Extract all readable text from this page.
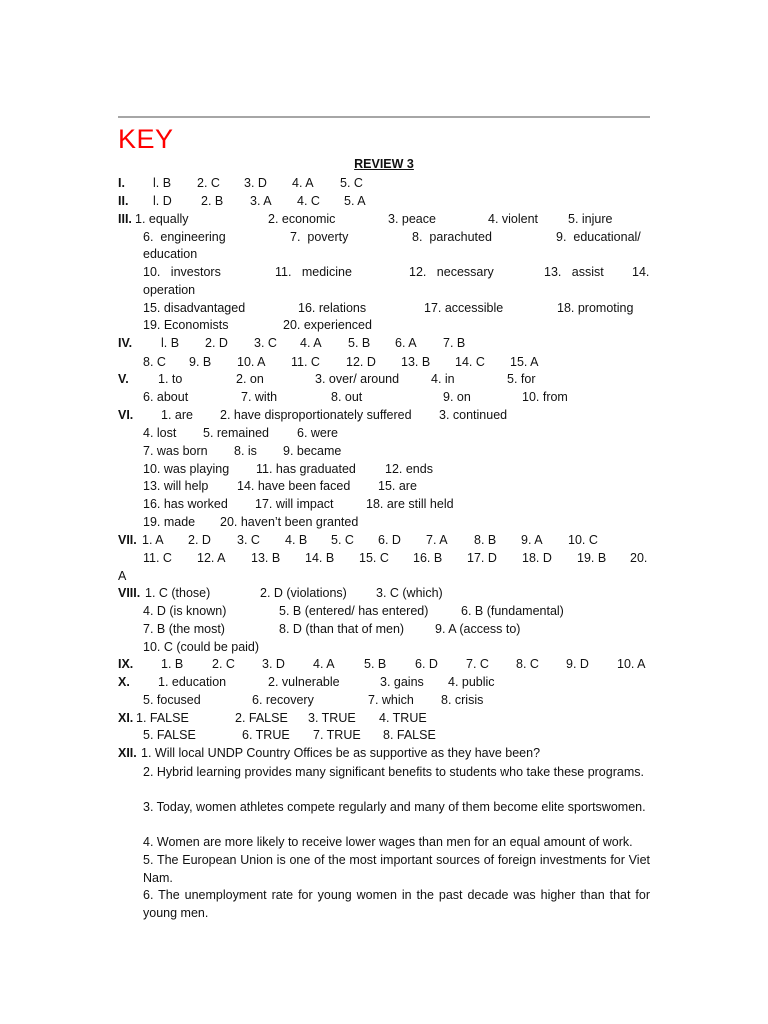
KEY
REVIEW 3
I. l. B 2. C 3. D 4. A 5. C
II. l. D 2. B 3. A 4. C 5. A
III. 1. equally	2. economic	3. peace	4. violent 5. injure
6.  engineering	7.  poverty	8.  parachuted	9.  educational/
education
10.   investors	11.   medicine	12.   necessary	13.   assist 14.
operation
15. disadvantaged	16. relations	17. accessible	18. promoting
19. Economists	20. experienced
IV. l. B 2. D 3. C 4. A 5. B 6. A 7. B
8. C 9. B 10. A 11. C 12. D 13. B 14. C 15. A
V. 1. to	2. on	3. over/ around	4. in	5. for
6. about	7. with	8. out	9. on	10. from
VI. 1. are 2. have disproportionately suffered 3. continued
4. lost 5. remained 6. were
7. was born 8. is 9. became
10. was playing 11. has graduated 12. ends
13. will help 14. have been faced 15. are
16. has worked 17. will impact	18. are still held
19. made 20. haven’t been granted
VII. 1. A 2. D 3. C 4. B 5. C 6. D 7. A 8. B 9. A 10. C
11. C 12. A 13. B 14. B 15. C 16. B 17. D 18. D 19. B 20.
A
VIII. 1. C (those)	2. D (violations) 3. C (which)
4. D (is known)	5. B (entered/ has entered)	6. B (fundamental)
7. B (the most)	8. D (than that of men) 9. A (access to)
10. C (could be paid)
IX. 1. B 2. C 3. D 4. A 5. B 6. D 7. C 8. C 9. D 10. A
X. 1. education	2. vulnerable	3. gains 4. public
5. focused	6. recovery	7. which 8. crisis
XI. 1. FALSE	2. FALSE 3. TRUE 4. TRUE
5. FALSE	6. TRUE 7. TRUE 8. FALSE
XII. 1. Will local UNDP Country Offices be as supportive as they have been?
2. Hybrid learning provides many significant benefits to students who take these programs.
3. Today, women athletes compete regularly and many of them become elite sportswomen.
4. Women are more likely to receive lower wages than men for an equal amount of work.
5. The European Union is one of the most important sources of foreign investments for Viet Nam.
6. The unemployment rate for young women in the past decade was higher than that for young men.
